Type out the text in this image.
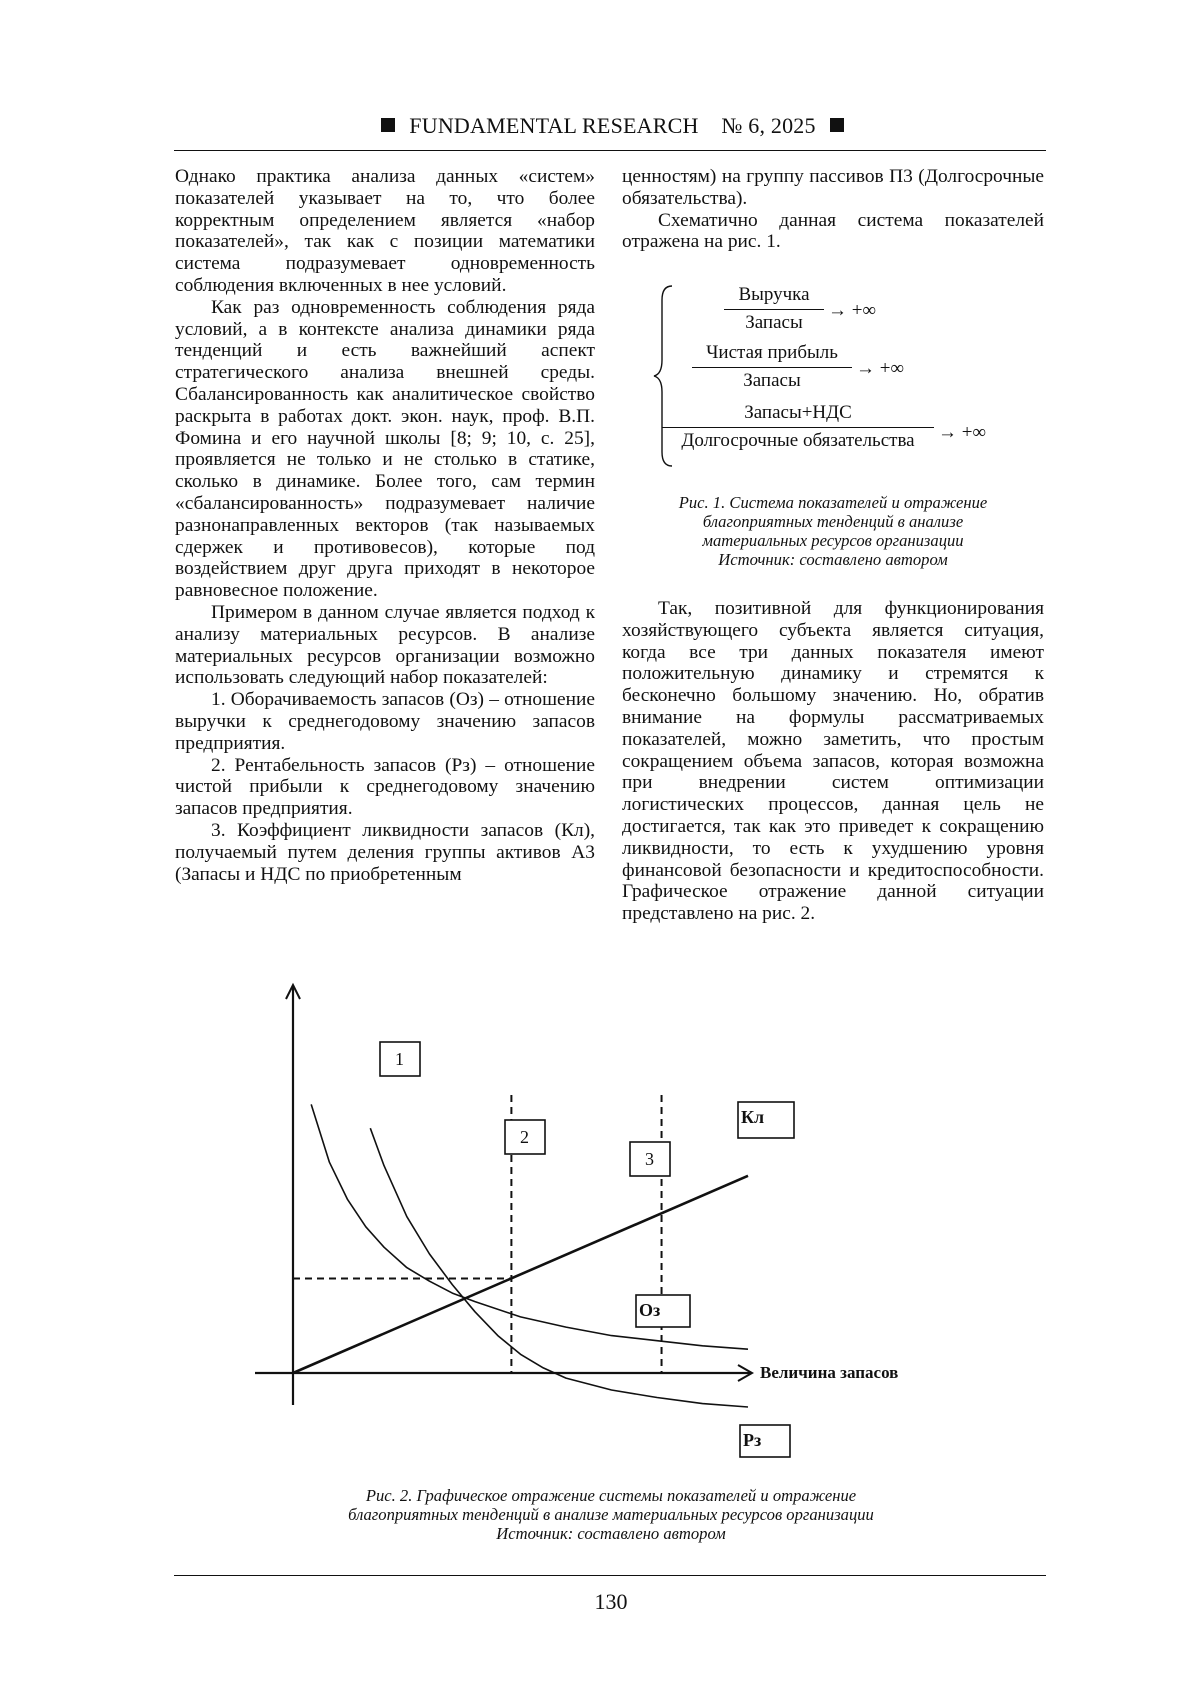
FUNDAMENTAL RESEARCH № 6, 2025

Однако практика анализа данных «систем» показателей указывает на то, что более корректным определением является «набор показателей», так как с позиции математики система подразумевает одновременность соблюдения включенных в нее условий.

Как раз одновременность соблюдения ряда условий, а в контексте анализа динамики ряда тенденций и есть важнейший аспект стратегического анализа внешней среды. Сбалансированность как аналитическое свойство раскрыта в работах докт. экон. наук, проф. В.П. Фомина и его научной школы [8; 9; 10, с. 25], проявляется не только и не столько в статике, сколько в динамике. Более того, сам термин «сбалансированность» подразумевает наличие разнонаправленных векторов (так называемых сдержек и противовесов), которые под воздействием друг друга приходят в некоторое равновесное положение.

Примером в данном случае является подход к анализу материальных ресурсов. В анализе материальных ресурсов организации возможно использовать следующий набор показателей:

1. Оборачиваемость запасов (Оз) – отношение выручки к среднегодовому значению запасов предприятия.

2. Рентабельность запасов (Рз) – отношение чистой прибыли к среднегодовому значению запасов предприятия.

3. Коэффициент ликвидности запасов (Кл), получаемый путем деления группы активов А3 (Запасы и НДС по приобретенным

ценностям) на группу пассивов П3 (Долгосрочные обязательства).

Схематично данная система показателей отражена на рис. 1.

Выручка
Запасы
→ +∞
Чистая прибыль
Запасы
→ +∞
Запасы+НДС
Долгосрочные обязательства	→ +∞
Рис. 1. Система показателей и отражение
благоприятных тенденций в анализе
материальных ресурсов организации
Источник: составлено автором

Так, позитивной для функционирования хозяйствующего субъекта является ситуация, когда все три данных показателя имеют положительную динамику и стремятся к бесконечно большому значению. Но, обратив внимание на формулы рассматриваемых показателей, можно заметить, что простым сокращением объема запасов, которая возможна при внедрении систем оптимизации логистических процессов, данная цель не достигается, так как это приведет к сокращению ликвидности, то есть к ухудшению уровня финансовой безопасности и кредитоспособности. Графическое отражение данной ситуации представлено на рис. 2.

Величина запасов
Кл
Оз
Рз
1
2
3
Рис. 2. Графическое отражение системы показателей и отражение
благоприятных тенденций в анализе материальных ресурсов организации
Источник: составлено автором
130
